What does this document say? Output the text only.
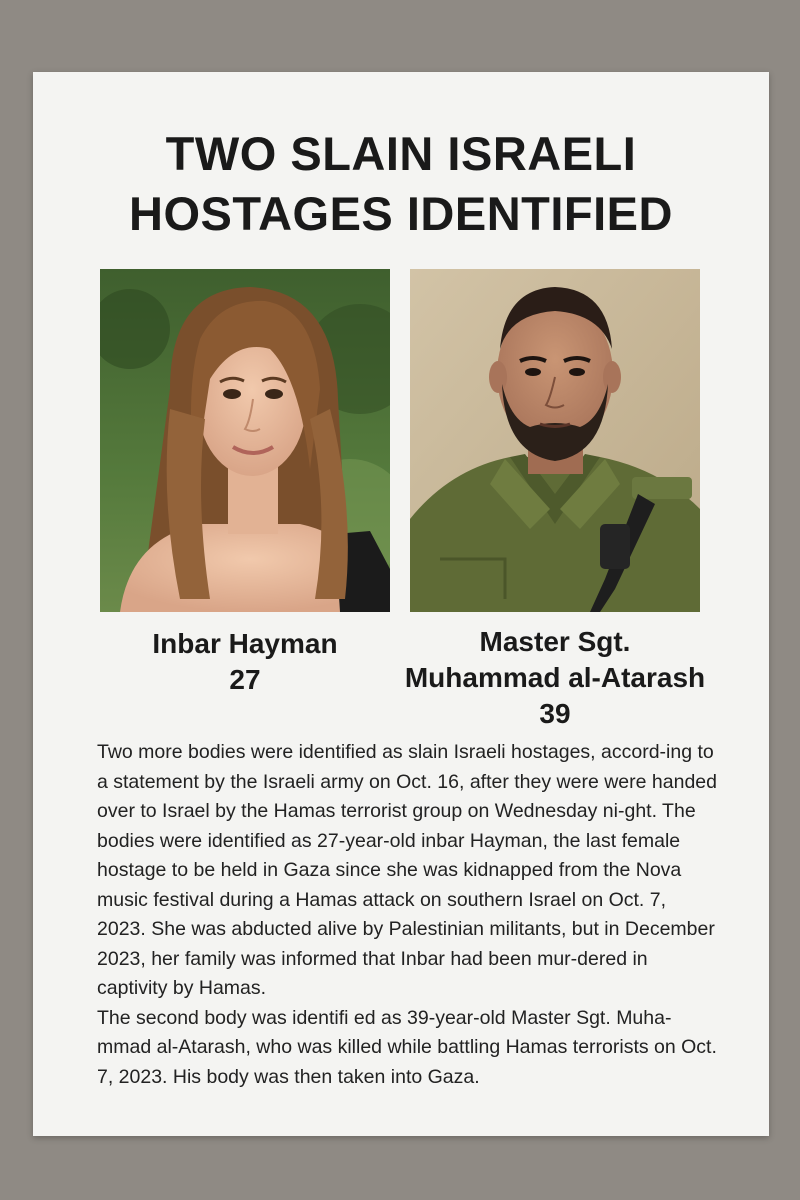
TWO SLAIN ISRAELI
HOSTAGES IDENTIFIED
Inbar Hayman
27
Master Sgt.
Muhammad al-Atarash
39

Two more bodies were identified as slain Israeli hostages, accord-ing to a statement by the Israeli army on Oct. 16, after they were were handed over to Israel by the Hamas terrorist group on Wednesday ni-ght. The bodies were identified as 27-year-old inbar Hayman, the last female hostage to be held in Gaza since she was kidnapped from the Nova music festival during a Hamas attack on southern Israel on Oct. 7, 2023. She was abducted alive by Palestinian militants, but in December 2023, her family was informed that Inbar had been mur-dered in captivity by Hamas.

The second body was identifi ed as 39-year-old Master Sgt. Muha-mmad al-Atarash, who was killed while battling Hamas terrorists on Oct. 7, 2023. His body was then taken into Gaza.
